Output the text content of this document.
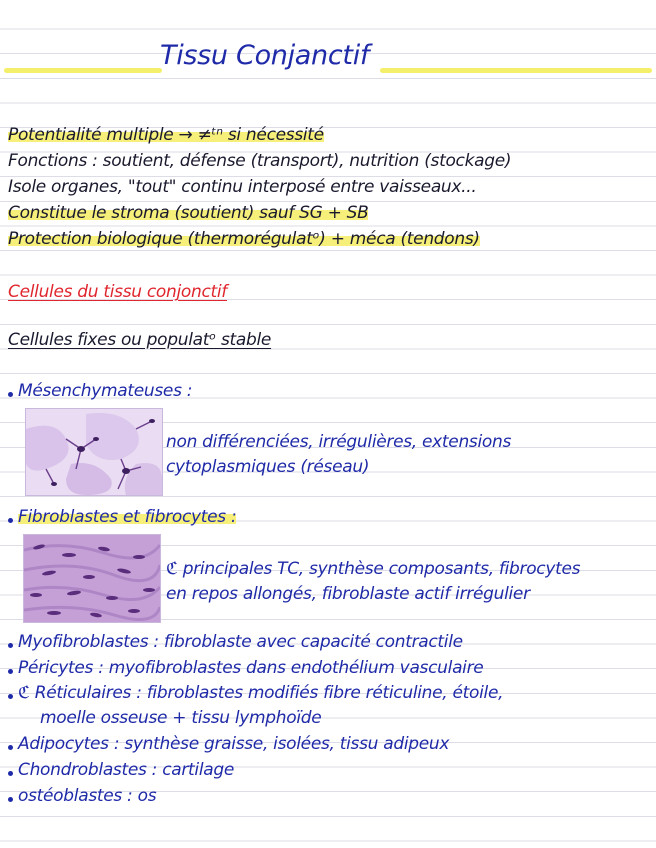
Tissu Conjanctif
Potentialité multiple → ≠ᵗⁿ si nécessité
Fonctions : soutient, défense (transport), nutrition (stockage)
Isole organes, "tout" continu interposé entre vaisseaux...
Constitue le stroma (soutient) sauf SG + SB
Protection biologique (thermorégulatᵒ) + méca (tendons)
Cellules du tissu conjonctif
Cellules fixes ou populatᵒ stable
Mésenchymateuses :
non différenciées, irrégulières, extensions
cytoplasmiques (réseau)
Fibroblastes et fibrocytes :
ℭ principales TC, synthèse composants, fibrocytes
en repos allongés, fibroblaste actif irrégulier
Myofibroblastes : fibroblaste avec capacité contractile
Péricytes : myofibroblastes dans endothélium vasculaire
ℭ Réticulaires : fibroblastes modifiés fibre réticuline, étoile,
moelle osseuse + tissu lymphoïde
Adipocytes : synthèse graisse, isolées, tissu adipeux
Chondroblastes : cartilage
ostéoblastes : os
